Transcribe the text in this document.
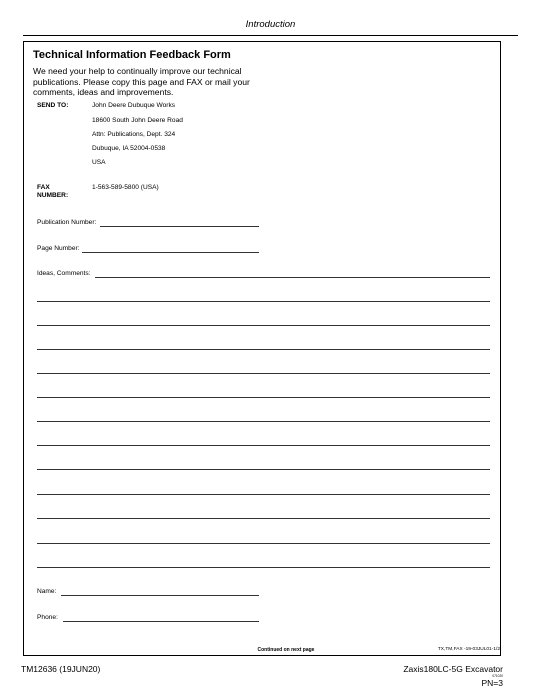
Introduction
Technical Information Feedback Form
We need your help to continually improve our technical
publications. Please copy this page and FAX or mail your
comments, ideas and improvements.
SEND TO:	John Deere Dubuque Works
18600 South John Deere Road
Attn: Publications, Dept. 324
Dubuque, IA 52004-0538
USA
FAX
NUMBER:
1-563-589-5800 (USA)
Publication Number:
Page Number:
Ideas, Comments:
Name:
Phone:
Continued on next page	TX,TM,FAX -19-03JUL01-1/2
TM12636 (19JUN20)	Zaxis180LC-5G Excavator
071020
PN=3
